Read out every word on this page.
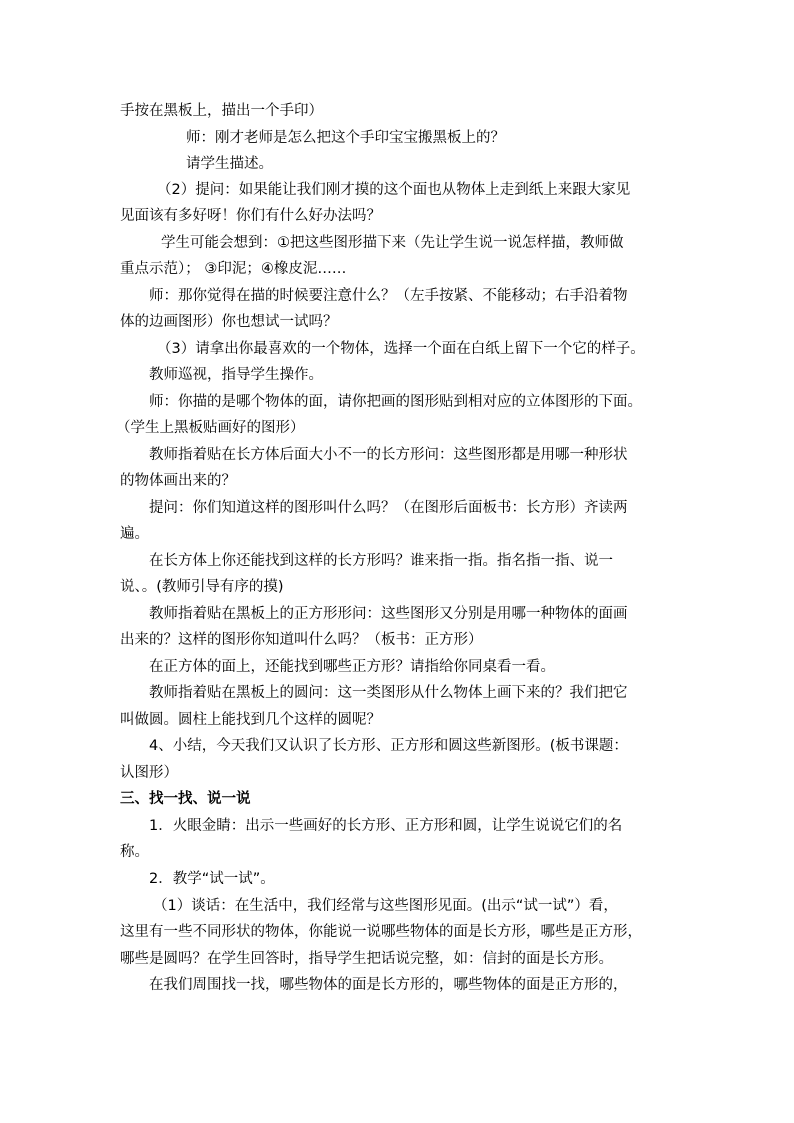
手按在黑板上，描出一个手印）
师：刚才老师是怎么把这个手印宝宝搬黑板上的？
请学生描述。
（2）提问：如果能让我们刚才摸的这个面也从物体上走到纸上来跟大家见
见面该有多好呀！你们有什么好办法吗？
学生可能会想到：①把这些图形描下来（先让学生说一说怎样描，教师做
重点示范）； ③印泥；④橡皮泥……
师：那你觉得在描的时候要注意什么？（左手按紧、不能移动；右手沿着物
体的边画图形）你也想试一试吗？
（3）请拿出你最喜欢的一个物体，选择一个面在白纸上留下一个它的样子。
教师巡视，指导学生操作。
师：你描的是哪个物体的面，请你把画的图形贴到相对应的立体图形的下面。
（学生上黑板贴画好的图形）
教师指着贴在长方体后面大小不一的长方形问：这些图形都是用哪一种形状
的物体画出来的？
提问：你们知道这样的图形叫什么吗？（在图形后面板书：长方形）齐读两
遍。
在长方体上你还能找到这样的长方形吗？谁来指一指。指名指一指、说一
说、。(教师引导有序的摸)
教师指着贴在黑板上的正方形形问：这些图形又分别是用哪一种物体的面画
出来的？这样的图形你知道叫什么吗？（板书：正方形）
在正方体的面上，还能找到哪些正方形？请指给你同桌看一看。
教师指着贴在黑板上的圆问：这一类图形从什么物体上画下来的？我们把它
叫做圆。圆柱上能找到几个这样的圆呢？
4、小结，今天我们又认识了长方形、正方形和圆这些新图形。(板书课题：
认图形）
三、找一找、说一说
1．火眼金睛：出示一些画好的长方形、正方形和圆，让学生说说它们的名
称。
2．教学“试一试”。
（1）谈话：在生活中，我们经常与这些图形见面。(出示“试一试”）看，
这里有一些不同形状的物体，你能说一说哪些物体的面是长方形，哪些是正方形，
哪些是圆吗？在学生回答时，指导学生把话说完整，如：信封的面是长方形。
在我们周围找一找，哪些物体的面是长方形的，哪些物体的面是正方形的，
